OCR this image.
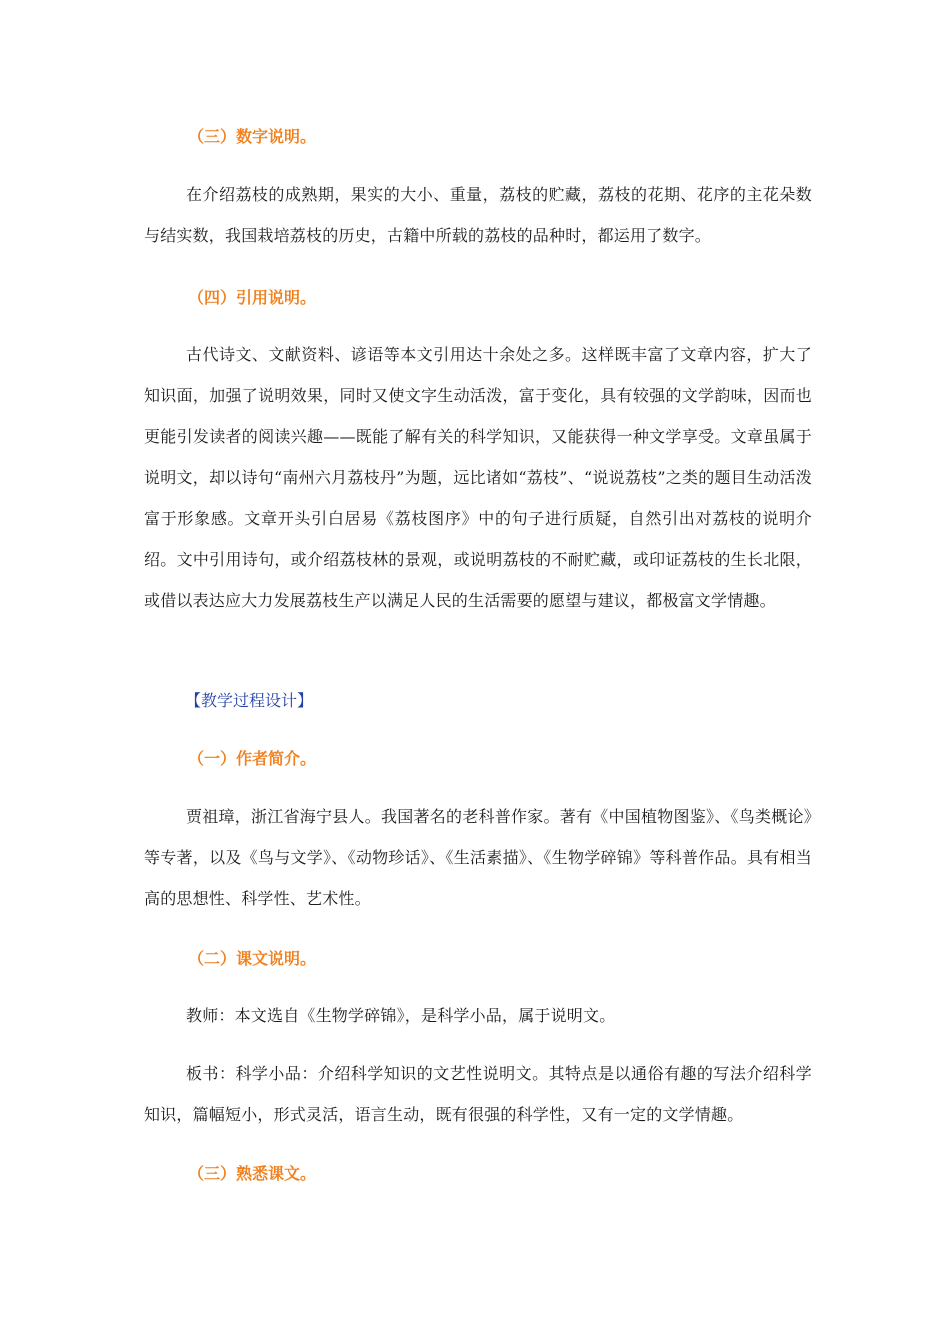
（三）数字说明。

在介绍荔枝的成熟期，果实的大小、重量，荔枝的贮藏，荔枝的花期、花序的主花朵数与结实数，我国栽培荔枝的历史，古籍中所载的荔枝的品种时，都运用了数字。

（四）引用说明。

古代诗文、文献资料、谚语等本文引用达十余处之多。这样既丰富了文章内容，扩大了知识面，加强了说明效果，同时又使文字生动活泼，富于变化，具有较强的文学韵味，因而也更能引发读者的阅读兴趣——既能了解有关的科学知识，又能获得一种文学享受。文章虽属于说明文，却以诗句“南州六月荔枝丹”为题，远比诸如“荔枝”、“说说荔枝”之类的题目生动活泼富于形象感。文章开头引白居易《荔枝图序》中的句子进行质疑，自然引出对荔枝的说明介绍。文中引用诗句，或介绍荔枝林的景观，或说明荔枝的不耐贮藏，或印证荔枝的生长北限，或借以表达应大力发展荔枝生产以满足人民的生活需要的愿望与建议，都极富文学情趣。

【教学过程设计】
（一）作者简介。

贾祖璋，浙江省海宁县人。我国著名的老科普作家。著有《中国植物图鉴》、《鸟类概论》等专著，以及《鸟与文学》、《动物珍话》、《生活素描》、《生物学碎锦》等科普作品。具有相当高的思想性、科学性、艺术性。

（二）课文说明。

教师：本文选自《生物学碎锦》，是科学小品，属于说明文。

板书：科学小品：介绍科学知识的文艺性说明文。其特点是以通俗有趣的写法介绍科学知识，篇幅短小，形式灵活，语言生动，既有很强的科学性，又有一定的文学情趣。

（三）熟悉课文。
